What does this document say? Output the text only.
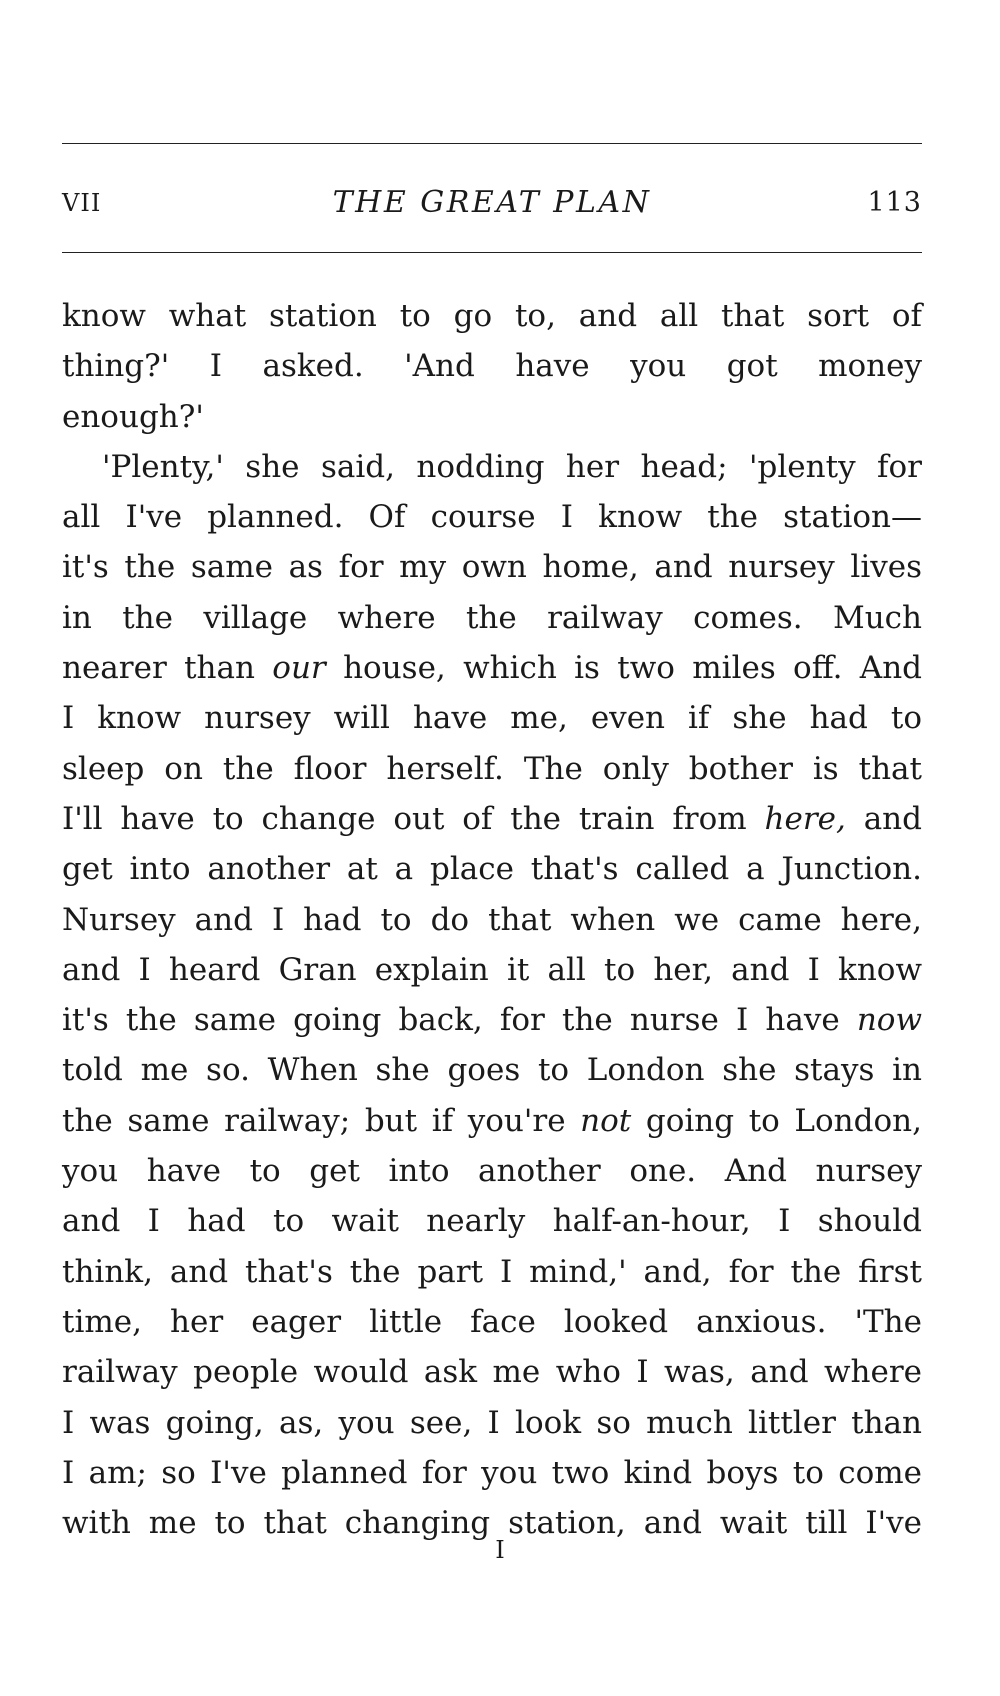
VII	THE GREAT PLAN	113
know what station to go to, and all that sort of
thing?' I asked. 'And have you got money
enough?'
'Plenty,' she said, nodding her head; 'plenty for
all I've planned. Of course I know the station—
it's the same as for my own home, and nursey lives
in the village where the railway comes. Much
nearer than our house, which is two miles off. And
I know nursey will have me, even if she had to
sleep on the floor herself. The only bother is that
I'll have to change out of the train from here, and
get into another at a place that's called a Junction.
Nursey and I had to do that when we came here,
and I heard Gran explain it all to her, and I know
it's the same going back, for the nurse I have now
told me so. When she goes to London she stays in
the same railway; but if you're not going to London,
you have to get into another one. And nursey
and I had to wait nearly half-an-hour, I should
think, and that's the part I mind,' and, for the first
time, her eager little face looked anxious. 'The
railway people would ask me who I was, and where
I was going, as, you see, I look so much littler than
I am; so I've planned for you two kind boys to come
with me to that changing station, and wait till I've
I
